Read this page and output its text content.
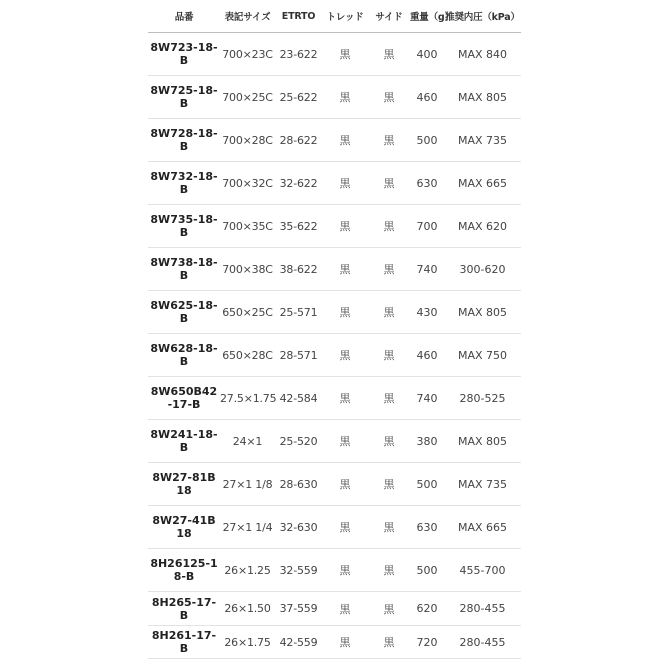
品番	表記サイズ	ETRTO	トレッド	サイド	重量（g）	推奨内圧（kPa）
8W723-18-B	700×23C	23-622	黒	黒	400	MAX 840
8W725-18-B	700×25C	25-622	黒	黒	460	MAX 805
8W728-18-B	700×28C	28-622	黒	黒	500	MAX 735
8W732-18-B	700×32C	32-622	黒	黒	630	MAX 665
8W735-18-B	700×35C	35-622	黒	黒	700	MAX 620
8W738-18-B	700×38C	38-622	黒	黒	740	300-620
8W625-18-B	650×25C	25-571	黒	黒	430	MAX 805
8W628-18-B	650×28C	28-571	黒	黒	460	MAX 750
8W650B42-17-B	27.5×1.75	42-584	黒	黒	740	280-525
8W241-18-B	24×1	25-520	黒	黒	380	MAX 805
8W27-81B18	27×1 1/8	28-630	黒	黒	500	MAX 735
8W27-41B18	27×1 1/4	32-630	黒	黒	630	MAX 665
8H26125-18-B	26×1.25	32-559	黒	黒	500	455-700
8H265-17-B	26×1.50	37-559	黒	黒	620	280-455
8H261-17-B	26×1.75	42-559	黒	黒	720	280-455
